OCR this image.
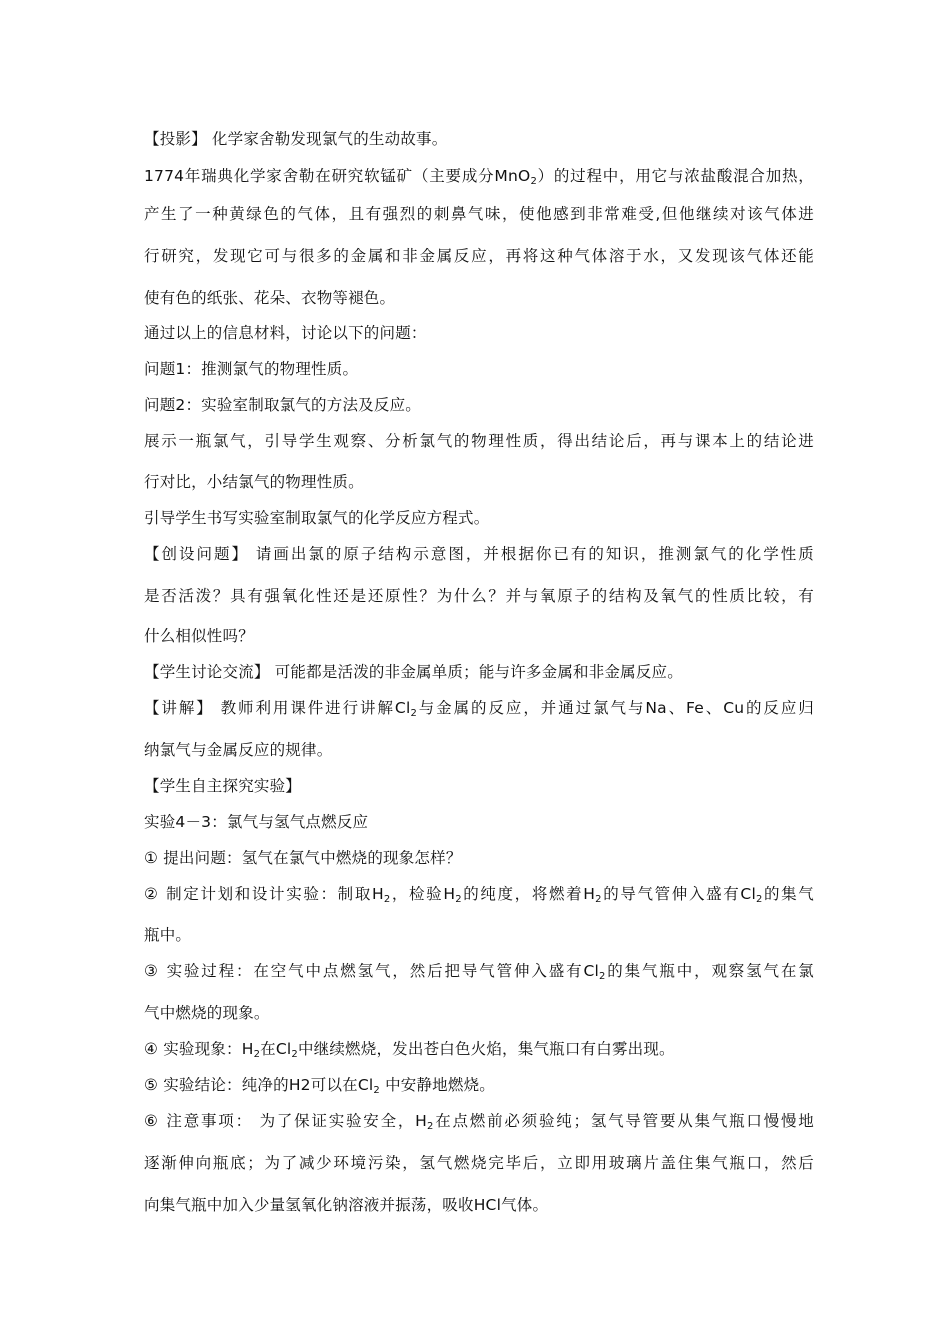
【投影】 化学家舍勒发现氯气的生动故事。
1774年瑞典化学家舍勒在研究软锰矿（主要成分MnO$_2$）的过程中，用它与浓盐酸混合加热，
产生了一种黄绿色的气体，且有强烈的刺鼻气味，使他感到非常难受,但他继续对该气体进
行研究，发现它可与很多的金属和非金属反应，再将这种气体溶于水，又发现该气体还能
使有色的纸张、花朵、衣物等褪色。
通过以上的信息材料，讨论以下的问题：
问题1：推测氯气的物理性质。
问题2：实验室制取氯气的方法及反应。
展示一瓶氯气，引导学生观察、分析氯气的物理性质，得出结论后，再与课本上的结论进
行对比，小结氯气的物理性质。
引导学生书写实验室制取氯气的化学反应方程式。
【创设问题】 请画出氯的原子结构示意图，并根据你已有的知识，推测氯气的化学性质
是否活泼？具有强氧化性还是还原性？为什么？并与氧原子的结构及氧气的性质比较，有
什么相似性吗？
【学生讨论交流】 可能都是活泼的非金属单质；能与许多金属和非金属反应。
【讲解】 教师利用课件进行讲解$Cl_2$与金属的反应，并通过氯气与Na、Fe、Cu的反应归
纳氯气与金属反应的规律。
【学生自主探究实验】
实验4－3：氯气与氢气点燃反应
① 提出问题：氢气在氯气中燃烧的现象怎样？
② 制定计划和设计实验：制取$H_2$，检验$H_2$的纯度，将燃着$H_2$的导气管伸入盛有$Cl_2$的集气
瓶中。
③ 实验过程：在空气中点燃氢气，然后把导气管伸入盛有$Cl_2$的集气瓶中，观察氢气在氯
气中燃烧的现象。
④ 实验现象：$H_2$在$Cl_2$中继续燃烧，发出苍白色火焰，集气瓶口有白雾出现。
⑤ 实验结论：纯净的H2可以在$Cl_2$ 中安静地燃烧。
⑥ 注意事项： 为了保证实验安全，$H_2$在点燃前必须验纯；氢气导管要从集气瓶口慢慢地
逐渐伸向瓶底；为了减少环境污染，氢气燃烧完毕后，立即用玻璃片盖住集气瓶口，然后
向集气瓶中加入少量氢氧化钠溶液并振荡，吸收HCl气体。
